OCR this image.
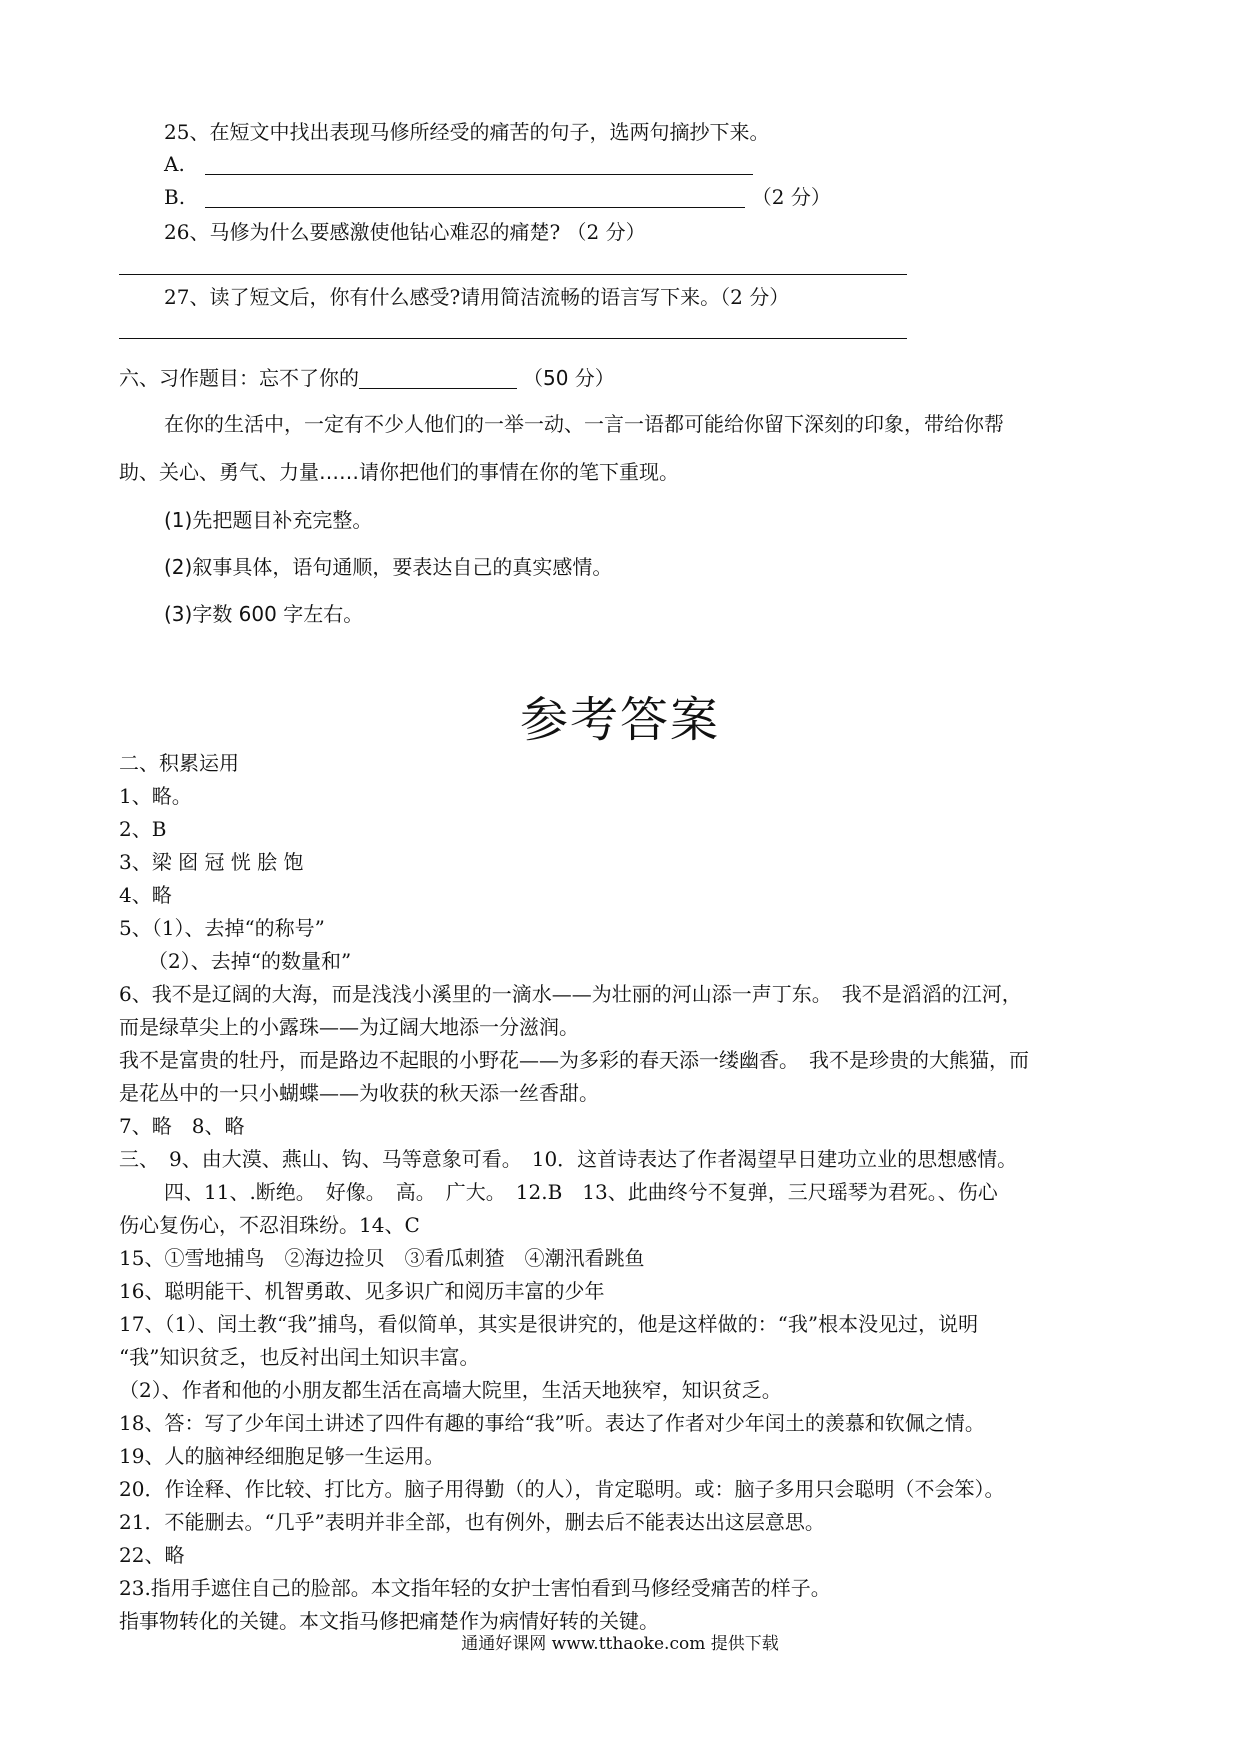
25、在短文中找出表现马修所经受的痛苦的句子，选两句摘抄下来。
A.
B.	（2 分）
26、马修为什么要感激使他钻心难忍的痛楚? （2 分）
27、读了短文后，你有什么感受?请用简洁流畅的语言写下来。（2 分）
六、习作题目：忘不了你的	（50 分）
在你的生活中，一定有不少人他们的一举一动、一言一语都可能给你留下深刻的印象，带给你帮
助、关心、勇气、力量……请你把他们的事情在你的笔下重现。
(1)先把题目补充完整。
(2)叙事具体，语句通顺，要表达自己的真实感情。
(3)字数 600 字左右。
参考答案
二、积累运用
1、略。
2、B
3、梁 囵 冠 恍 脍 饱
4、略
5、（1）、去掉“的称号”
（2）、去掉“的数量和”
6、我不是辽阔的大海，而是浅浅小溪里的一滴水——为壮丽的河山添一声丁东。　我不是滔滔的江河，
而是绿草尖上的小露珠——为辽阔大地添一分滋润。
我不是富贵的牡丹，而是路边不起眼的小野花——为多彩的春天添一缕幽香。　我不是珍贵的大熊猫，而
是花丛中的一只小蝴蝶——为收获的秋天添一丝香甜。
7、略　8、略
三、　9、由大漠、燕山、钩、马等意象可看。　10．这首诗表达了作者渴望早日建功立业的思想感情。
四、11、.断绝。　好像。　高。　广大。　12.B　13、此曲终兮不复弹，三尺瑶琴为君死。、伤心
伤心复伤心，不忍泪珠纷。14、C
15、①雪地捕鸟　②海边捡贝　③看瓜刺猹　④潮汛看跳鱼
16、聪明能干、机智勇敢、见多识广和阅历丰富的少年
17、（1）、闰土教“我”捕鸟，看似简单，其实是很讲究的，他是这样做的：“我”根本没见过，说明
“我”知识贫乏，也反衬出闰土知识丰富。
（2）、作者和他的小朋友都生活在高墙大院里，生活天地狭窄，知识贫乏。
18、答：写了少年闰土讲述了四件有趣的事给“我”听。表达了作者对少年闰土的羡慕和钦佩之情。
19、人的脑神经细胞足够一生运用。
20．作诠释、作比较、打比方。脑子用得勤（的人），肯定聪明。或：脑子多用只会聪明（不会笨）。
21．不能删去。“几乎”表明并非全部，也有例外，删去后不能表达出这层意思。
22、略
23.指用手遮住自己的脸部。本文指年轻的女护士害怕看到马修经受痛苦的样子。
指事物转化的关键。本文指马修把痛楚作为病情好转的关键。
通通好课网 www.tthaoke.com 提供下载
